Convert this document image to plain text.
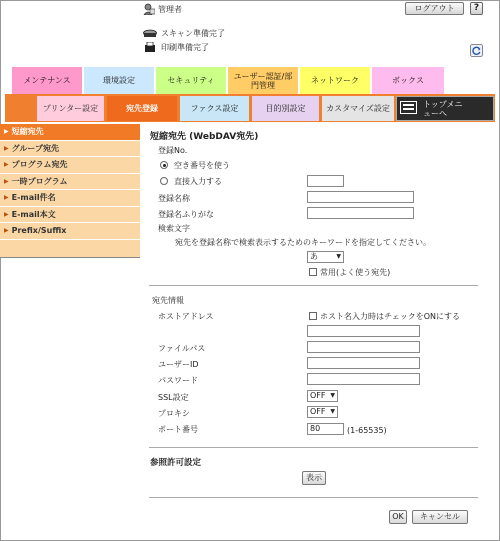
管理者	ログアウト	?
スキャン準備完了
印刷準備完了
メンテナンス	環境設定	セキュリティ	ユーザー認証/部門管理	ネットワーク	ボックス
プリンター設定	宛先登録	ファクス設定	目的別設定	カスタマイズ設定	トップメニューへ
▶ 短縮宛先
▶ グループ宛先
▶ プログラム宛先
▶ 一時プログラム
▶ E-mail件名
▶ E-mail本文
▶ Prefix/Suffix
短縮宛先 (WebDAV宛先)
登録No.
空き番号を使う
直接入力する
登録名称
登録名ふりがな
検索文字
宛先を登録名称で検索表示するためのキーワードを指定してください。
あ	▼
常用(よく使う宛先)
宛先情報
ホストアドレス	ホスト名入力時はチェックをONにする
ファイルパス
ユーザーID
パスワード
SSL設定	OFF ▼
プロキシ	OFF ▼
ポート番号	80	(1-65535)
参照許可設定
表示
OK	キャンセル
